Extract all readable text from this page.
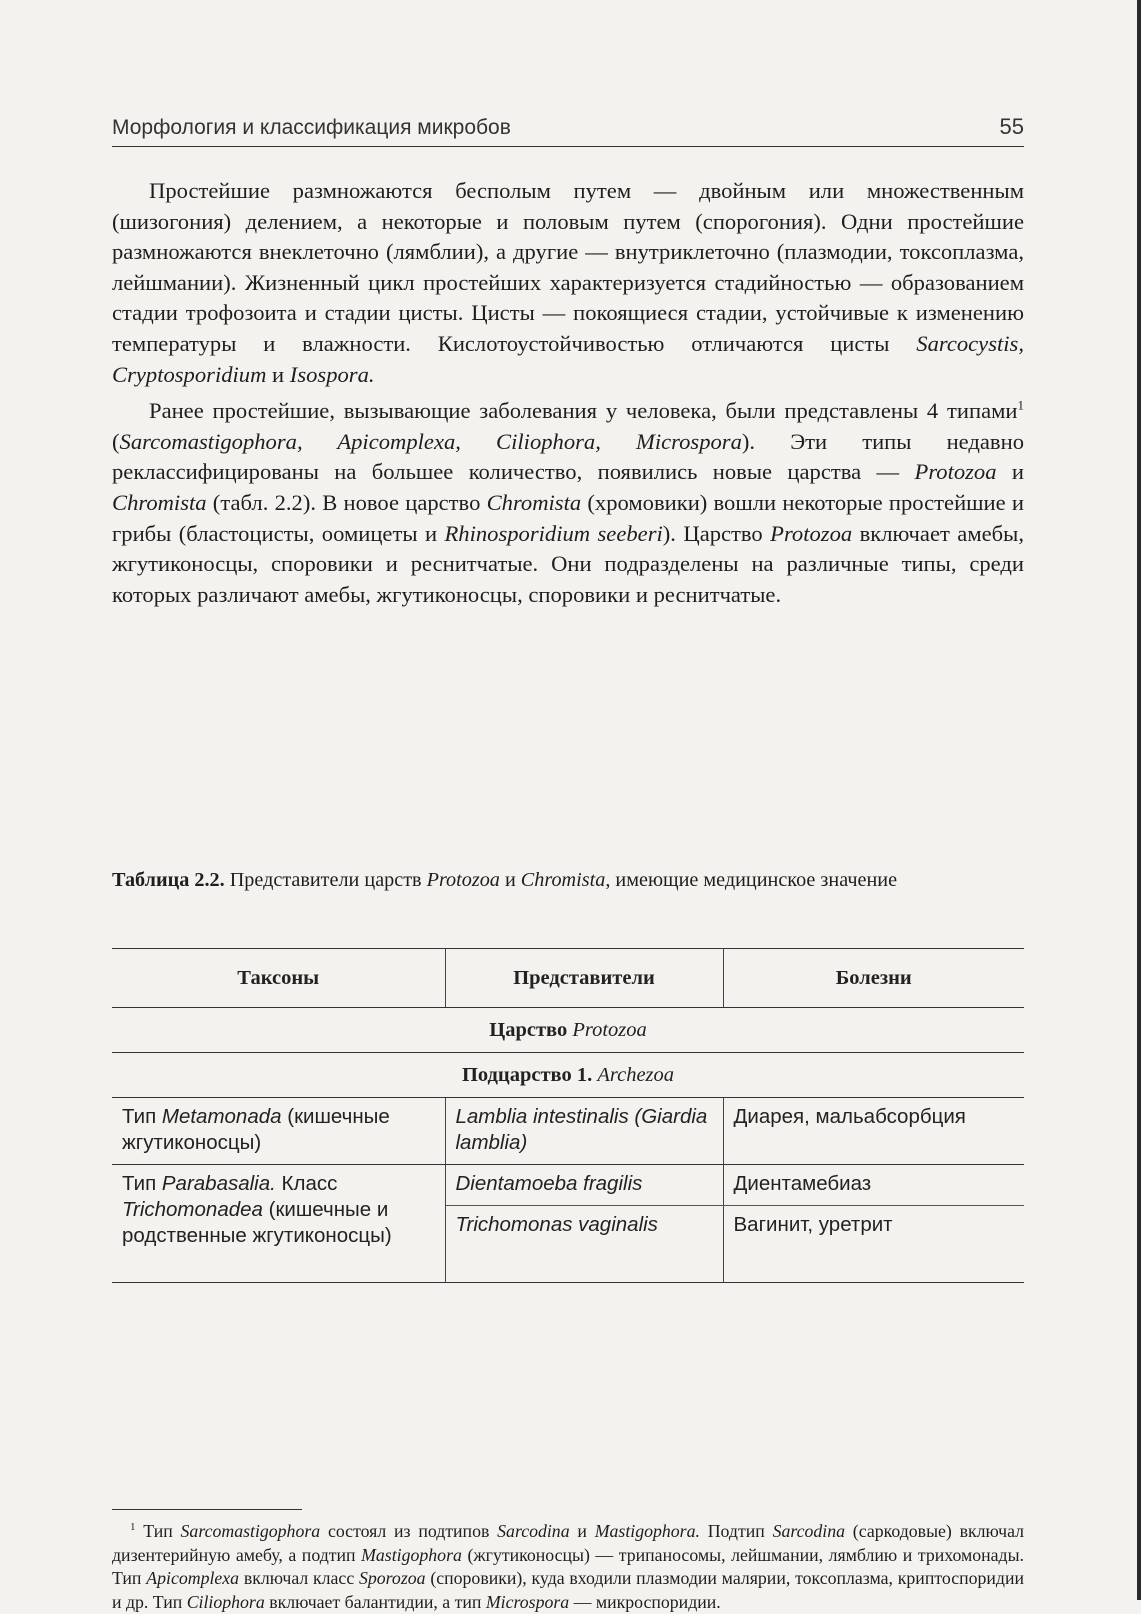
Морфология и классификация микробов	55

Простейшие размножаются бесполым путем — двойным или множественным (шизогония) делением, а некоторые и половым путем (спорогония). Одни простейшие размножаются внеклеточно (лямблии), а другие — внутриклеточно (плазмодии, токсоплазма, лейшмании). Жизненный цикл простейших характеризуется стадийностью — образованием стадии трофозоита и стадии цисты. Цисты — покоящиеся стадии, устойчивые к изменению температуры и влажности. Кислотоустойчивостью отличаются цисты Sarcocystis, Cryptosporidium и Isospora.

Ранее простейшие, вызывающие заболевания у человека, были представлены 4 типами$^1$ (Sarcomastigophora, Apicomplexa, Ciliophora, Microspora). Эти типы недавно реклассифицированы на большее количество, появились новые царства — Protozoa и Chromista (табл. 2.2). В новое царство Chromista (хромовики) вошли некоторые простейшие и грибы (бластоцисты, оомицеты и Rhinosporidium seeberi). Царство Protozoa включает амебы, жгутиконосцы, споровики и реснитчатые. Они подразделены на различные типы, среди которых различают амебы, жгутиконосцы, споровики и реснитчатые.

Таблица 2.2. Представители царств Protozoa и Chromista, имеющие медицинское значение
Таксоны	Представители	Болезни
Царство Protozoa		
Подцарство 1. Archezoa		
Тип Metamonada (кишечные жгутиконосцы)	Lamblia intestinalis (Giardia lamblia)	Диарея, мальабсорбция
Тип Parabasalia. Класс Trichomonadea (кишечные и родственные жгутиконосцы)	Dientamoeba fragilis	Диентамебиаз
	Trichomonas vaginalis	Вагинит, уретрит
$^1$ Тип Sarcomastigophora состоял из подтипов Sarcodina и Mastigophora. Подтип Sarcodina (саркодовые) включал дизентерийную амебу, а подтип Mastigophora (жгутиконосцы) — трипаносомы, лейшмании, лямблию и трихомонады. Тип Apicomplexa включал класс Sporozoa (споровики), куда входили плазмодии малярии, токсоплазма, криптоспоридии и др. Тип Ciliophora включает балантидии, а тип Microspora — микроспоридии.
